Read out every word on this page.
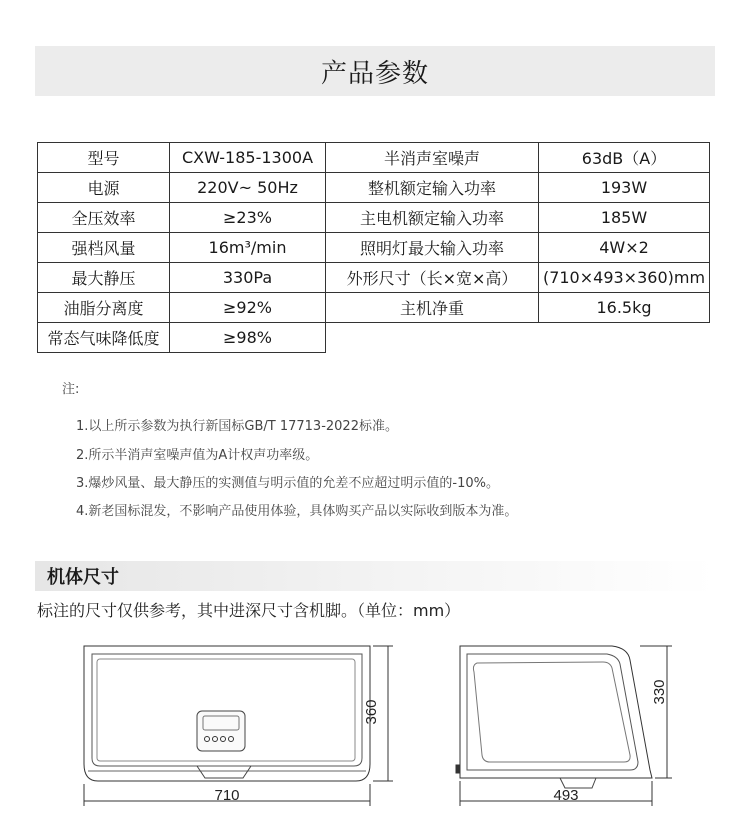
产品参数
型号	CXW-185-1300A	半消声室噪声	63dB（A）
电源	220V~ 50Hz	整机额定输入功率	193W
全压效率	≥23%	主电机额定输入功率	185W
强档风量	16m³/min	照明灯最大输入功率	4W×2
最大静压	330Pa	外形尺寸（长×宽×高）	(710×493×360)mm
油脂分离度	≥92%	主机净重	16.5kg
常态气味降低度	≥98%		
注:
1.以上所示参数为执行新国标GB/T 17713-2022标准。
2.所示半消声室噪声值为A计权声功率级。
3.爆炒风量、最大静压的实测值与明示值的允差不应超过明示值的-10%。
4.新老国标混发，不影响产品使用体验，具体购买产品以实际收到版本为准。
机体尺寸
标注的尺寸仅供参考，其中进深尺寸含机脚。（单位：mm）
710
360
493
330
